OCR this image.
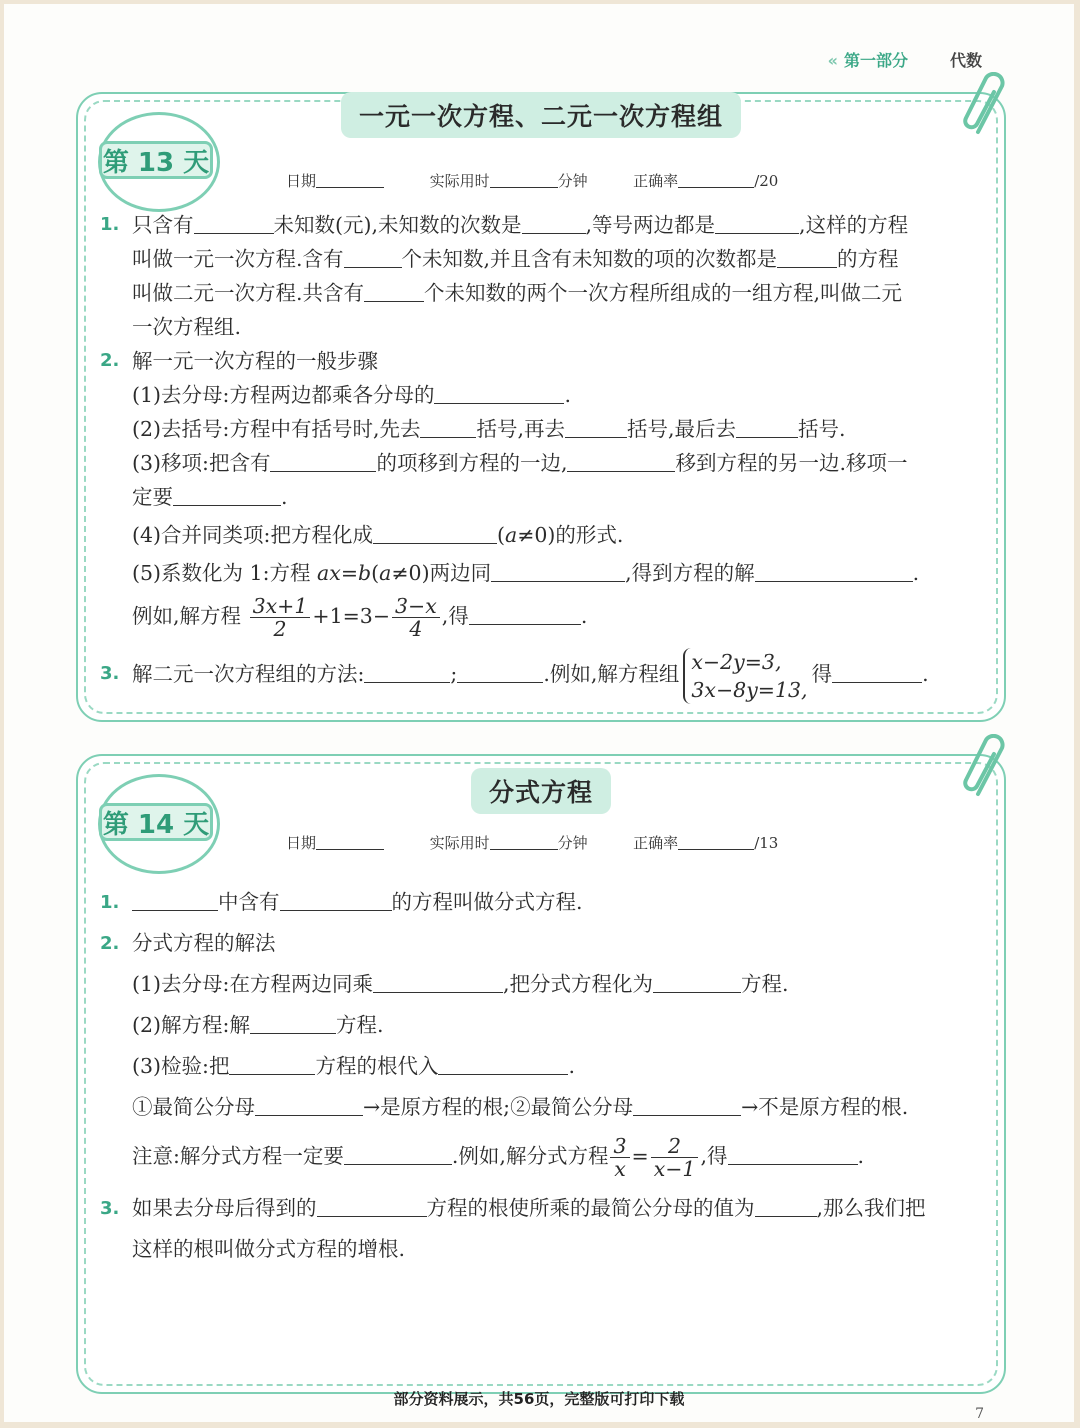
« 第一部分	代数
一元一次方程、二元一次方程组
第 13 天
日期	实际用时	分钟	正确率	/20
1. 只含有	未知数(元),未知数的次数是	,等号两边都是	,这样的方程
叫做一元一次方程.含有	个未知数,并且含有未知数的项的次数都是	的方程
叫做二元一次方程.共含有	个未知数的两个一次方程所组成的一组方程,叫做二元
一次方程组.
2. 解一元一次方程的一般步骤
(1)去分母:方程两边都乘各分母的	.
(2)去括号:方程中有括号时,先去	括号,再去	括号,最后去	括号.
(3)移项:把含有	的项移到方程的一边,	移到方程的另一边.移项一
定要	.
(4)合并同类项:把方程化成	(a≠0)的形式.
(5)系数化为 1:方程 ax=b(a≠0)两边同	,得到方程的解	.
例如,解方程 $\frac{3x+1}{2} +1=3- \frac{3-x}{4}$ ,得	.
3. 解二元一次方程组的方法:	;	.例如,解方程组x−2y=3,
3x−8y=13,得	.
分式方程
第 14 天
日期	实际用时	分钟	正确率	/13
1.	中含有	的方程叫做分式方程.
2. 分式方程的解法
(1)去分母:在方程两边同乘	,把分式方程化为	方程.
(2)解方程:解	方程.
(3)检验:把	方程的根代入	.
①最简公分母	→是原方程的根;②最简公分母	→不是原方程的根.
注意:解分式方程一定要	.例如,解分式方程 $\frac{3}{x} = \frac{2}{x-1}$ ,得	.
3. 如果去分母后得到的	方程的根使所乘的最简公分母的值为	,那么我们把
这样的根叫做分式方程的增根.
部分资料展示，共56页，完整版可打印下载
7
